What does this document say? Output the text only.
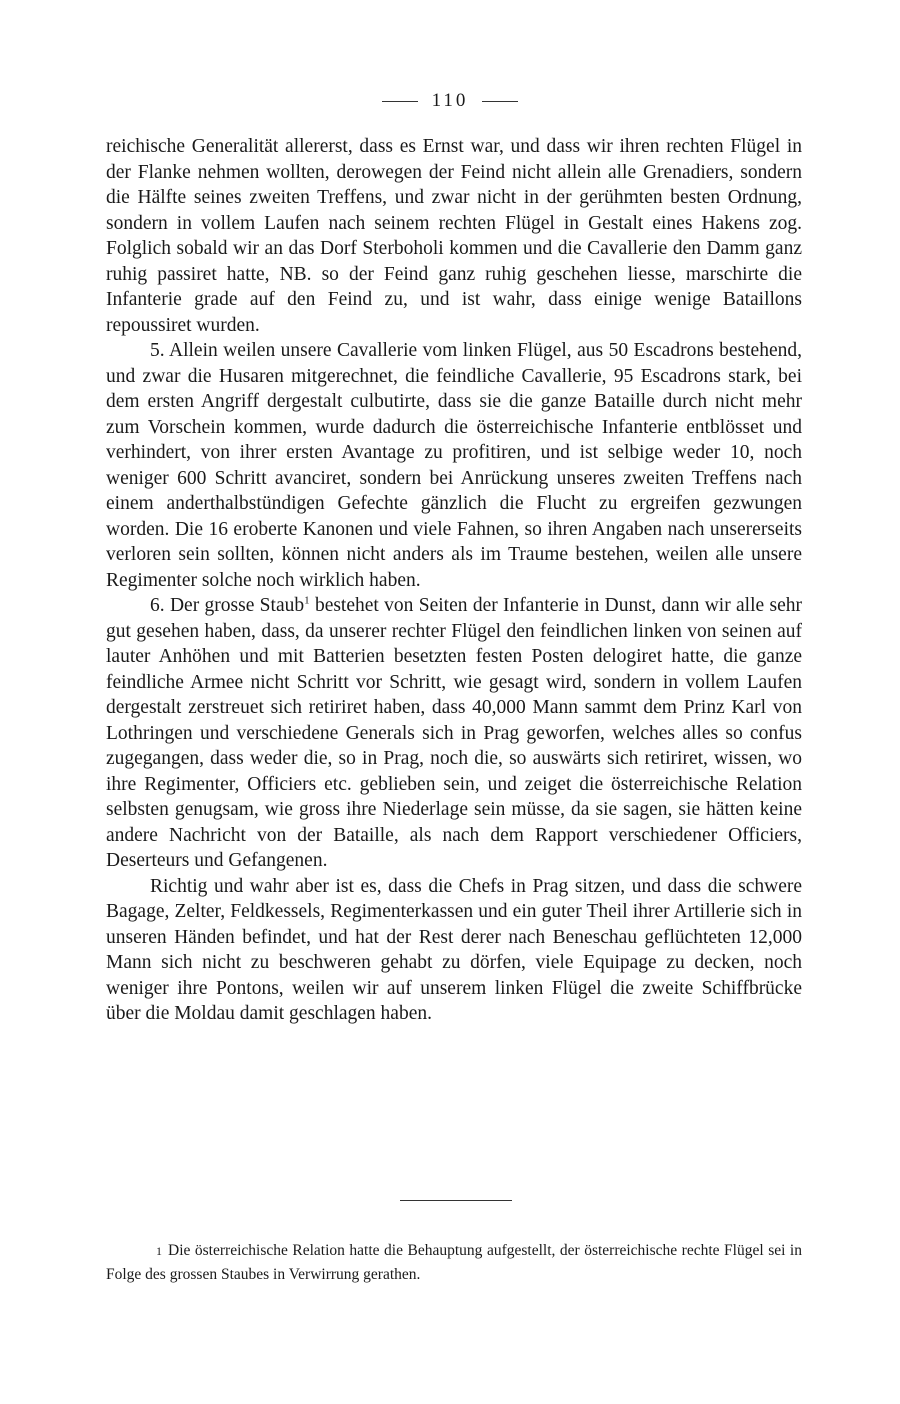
110

reichische Generalität allererst, dass es Ernst war, und dass wir ihren rechten Flügel in der Flanke nehmen wollten, derowegen der Feind nicht allein alle Grenadiers, sondern die Hälfte seines zweiten Treffens, und zwar nicht in der gerühmten besten Ordnung, sondern in vollem Laufen nach seinem rechten Flügel in Gestalt eines Hakens zog. Folglich sobald wir an das Dorf Sterboholi kommen und die Cavallerie den Damm ganz ruhig passiret hatte, NB. so der Feind ganz ruhig geschehen liesse, marschirte die Infanterie grade auf den Feind zu, und ist wahr, dass einige wenige Bataillons repoussiret wurden.

5. Allein weilen unsere Cavallerie vom linken Flügel, aus 50 Escadrons bestehend, und zwar die Husaren mitgerechnet, die feindliche Cavallerie, 95 Escadrons stark, bei dem ersten Angriff dergestalt culbutirte, dass sie die ganze Bataille durch nicht mehr zum Vorschein kommen, wurde dadurch die österreichische Infanterie entblösset und verhindert, von ihrer ersten Avantage zu profitiren, und ist selbige weder 10, noch weniger 600 Schritt avanciret, sondern bei Anrückung unseres zweiten Treffens nach einem anderthalbstündigen Gefechte gänzlich die Flucht zu ergreifen gezwungen worden. Die 16 eroberte Kanonen und viele Fahnen, so ihren Angaben nach unsererseits verloren sein sollten, können nicht anders als im Traume bestehen, weilen alle unsere Regimenter solche noch wirklich haben.

6. Der grosse Staub$^1$ bestehet von Seiten der Infanterie in Dunst, dann wir alle sehr gut gesehen haben, dass, da unserer rechter Flügel den feindlichen linken von seinen auf lauter Anhöhen und mit Batterien besetzten festen Posten delogiret hatte, die ganze feindliche Armee nicht Schritt vor Schritt, wie gesagt wird, sondern in vollem Laufen dergestalt zerstreuet sich retiriret haben, dass 40,000 Mann sammt dem Prinz Karl von Lothringen und verschiedene Generals sich in Prag geworfen, welches alles so confus zugegangen, dass weder die, so in Prag, noch die, so auswärts sich retiriret, wissen, wo ihre Regimenter, Officiers etc. geblieben sein, und zeiget die österreichische Relation selbsten genugsam, wie gross ihre Niederlage sein müsse, da sie sagen, sie hätten keine andere Nachricht von der Bataille, als nach dem Rapport verschiedener Officiers, Deserteurs und Gefangenen.

Richtig und wahr aber ist es, dass die Chefs in Prag sitzen, und dass die schwere Bagage, Zelter, Feldkessels, Regimenterkassen und ein guter Theil ihrer Artillerie sich in unseren Händen befindet, und hat der Rest derer nach Beneschau geflüchteten 12,000 Mann sich nicht zu beschweren gehabt zu dörfen, viele Equipage zu decken, noch weniger ihre Pontons, weilen wir auf unserem linken Flügel die zweite Schiffbrücke über die Moldau damit geschlagen haben.

1 Die österreichische Relation hatte die Behauptung aufgestellt, der österreichische rechte Flügel sei in Folge des grossen Staubes in Verwirrung gerathen.
